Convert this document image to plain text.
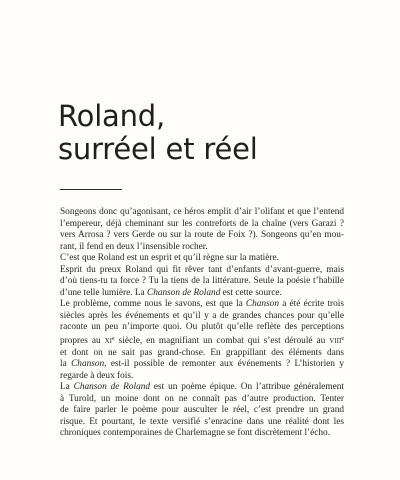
Roland,
surréel et réel

Songeons donc qu’agonisant, ce héros emplit d’air l’olifant et que l’entend
l’empereur, déjà cheminant sur les contreforts de la chaîne (vers Garazi ?
vers Arrosa ? vers Gerde ou sur la route de Foix ?). Songeons qu’en mou-
rant, il fend en deux l’insensible rocher.

C’est que Roland est un esprit et qu’il règne sur la matière.

Esprit du preux Roland qui fit rêver tant d’enfants d’avant-guerre, mais
d’où tiens-tu ta force ? Tu la tiens de la littérature. Seule la poésie t’habille
d’une telle lumière. La Chanson de Roland est cette source.

Le problème, comme nous le savons, est que la Chanson a été écrite trois
siècles après les événements et qu’il y a de grandes chances pour qu’elle
raconte un peu n’importe quoi. Ou plutôt qu’elle reflète des perceptions
propres au XIe siècle, en magnifiant un combat qui s’est déroulé au VIIIe
et dont on ne sait pas grand-chose. En grappillant des éléments dans
la Chanson, est-il possible de remonter aux événements ? L’historien y
regarde à deux fois.

La Chanson de Roland est un poème épique. On l’attribue généralement
à Turold, un moine dont on ne connaît pas d’autre production. Tenter
de faire parler le poème pour ausculter le réel, c’est prendre un grand
risque. Et pourtant, le texte versifié s’enracine dans une réalité dont les
chroniques contemporaines de Charlemagne se font discrètement l’écho.
